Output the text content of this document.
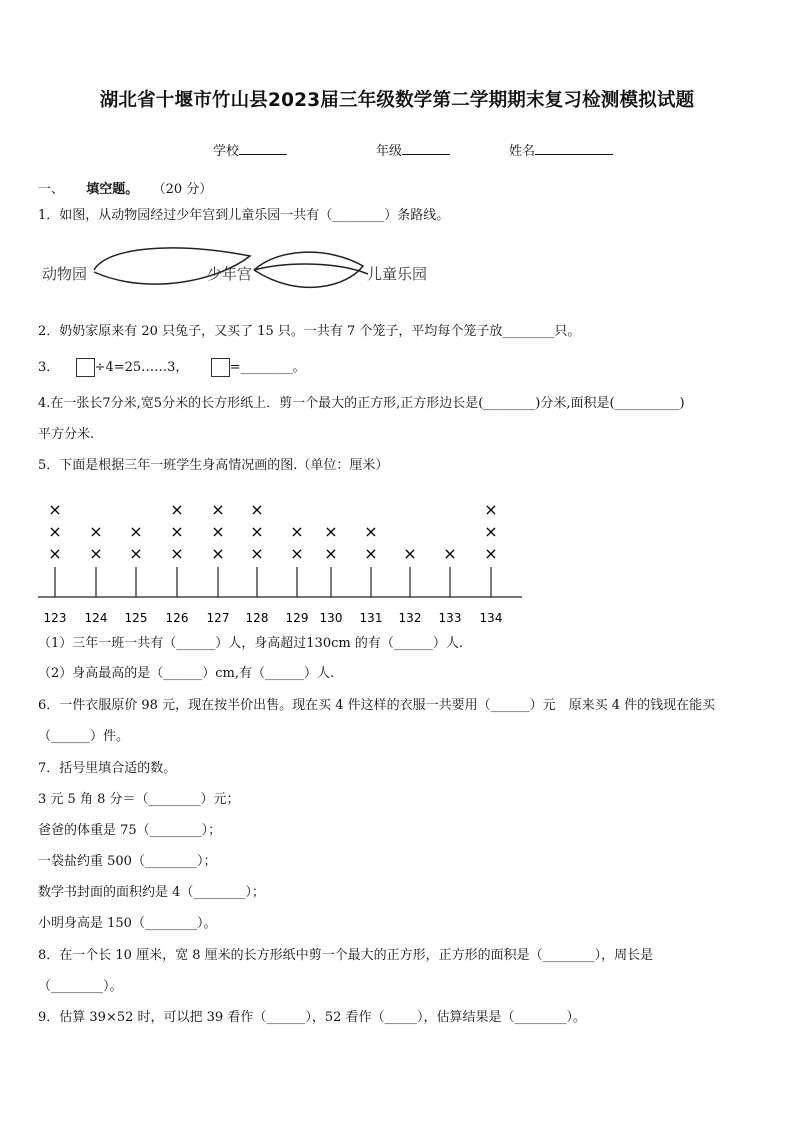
湖北省十堰市竹山县2023届三年级数学第二学期期末复习检测模拟试题
学校	年级	姓名
一、 填空题。 （20 分）
1．如图，从动物园经过少年宫到儿童乐园一共有（________）条路线。
动物园	少年宫	儿童乐园
2．奶奶家原来有 20 只兔子，又买了 15 只。一共有 7 个笼子，平均每个笼子放________只。
3．	÷4=25……3，	=________。
4.在一张长7分米,宽5分米的长方形纸上．剪一个最大的正方形,正方形边长是(________)分米,面积是(__________)
平方分米.
5．下面是根据三年一班学生身高情况画的图.（单位：厘米）
123
×
×
×
124
×
×
125
×
×
126
×
×
×
127
×
×
×
128
×
×
×
129
×
×
130
×
×
131
×
×
132
×
133
×
134
×
×
×
（1）三年一班一共有（______）人，身高超过130cm 的有（______）人.
（2）身高最高的是（______）cm,有（______）人.
6．一件衣服原价 98 元，现在按半价出售。现在买 4 件这样的衣服一共要用（______）元　原来买 4 件的钱现在能买
（______）件。
7．括号里填合适的数。
3 元 5 角 8 分＝（________）元；
爸爸的体重是 75（________）；
一袋盐约重 500（________）；
数学书封面的面积约是 4（________）；
小明身高是 150（________）。
8．在一个长 10 厘米，宽 8 厘米的长方形纸中剪一个最大的正方形，正方形的面积是（________），周长是
（________）。
9．估算 39×52 时，可以把 39 看作（______），52 看作（_____），估算结果是（________）。
